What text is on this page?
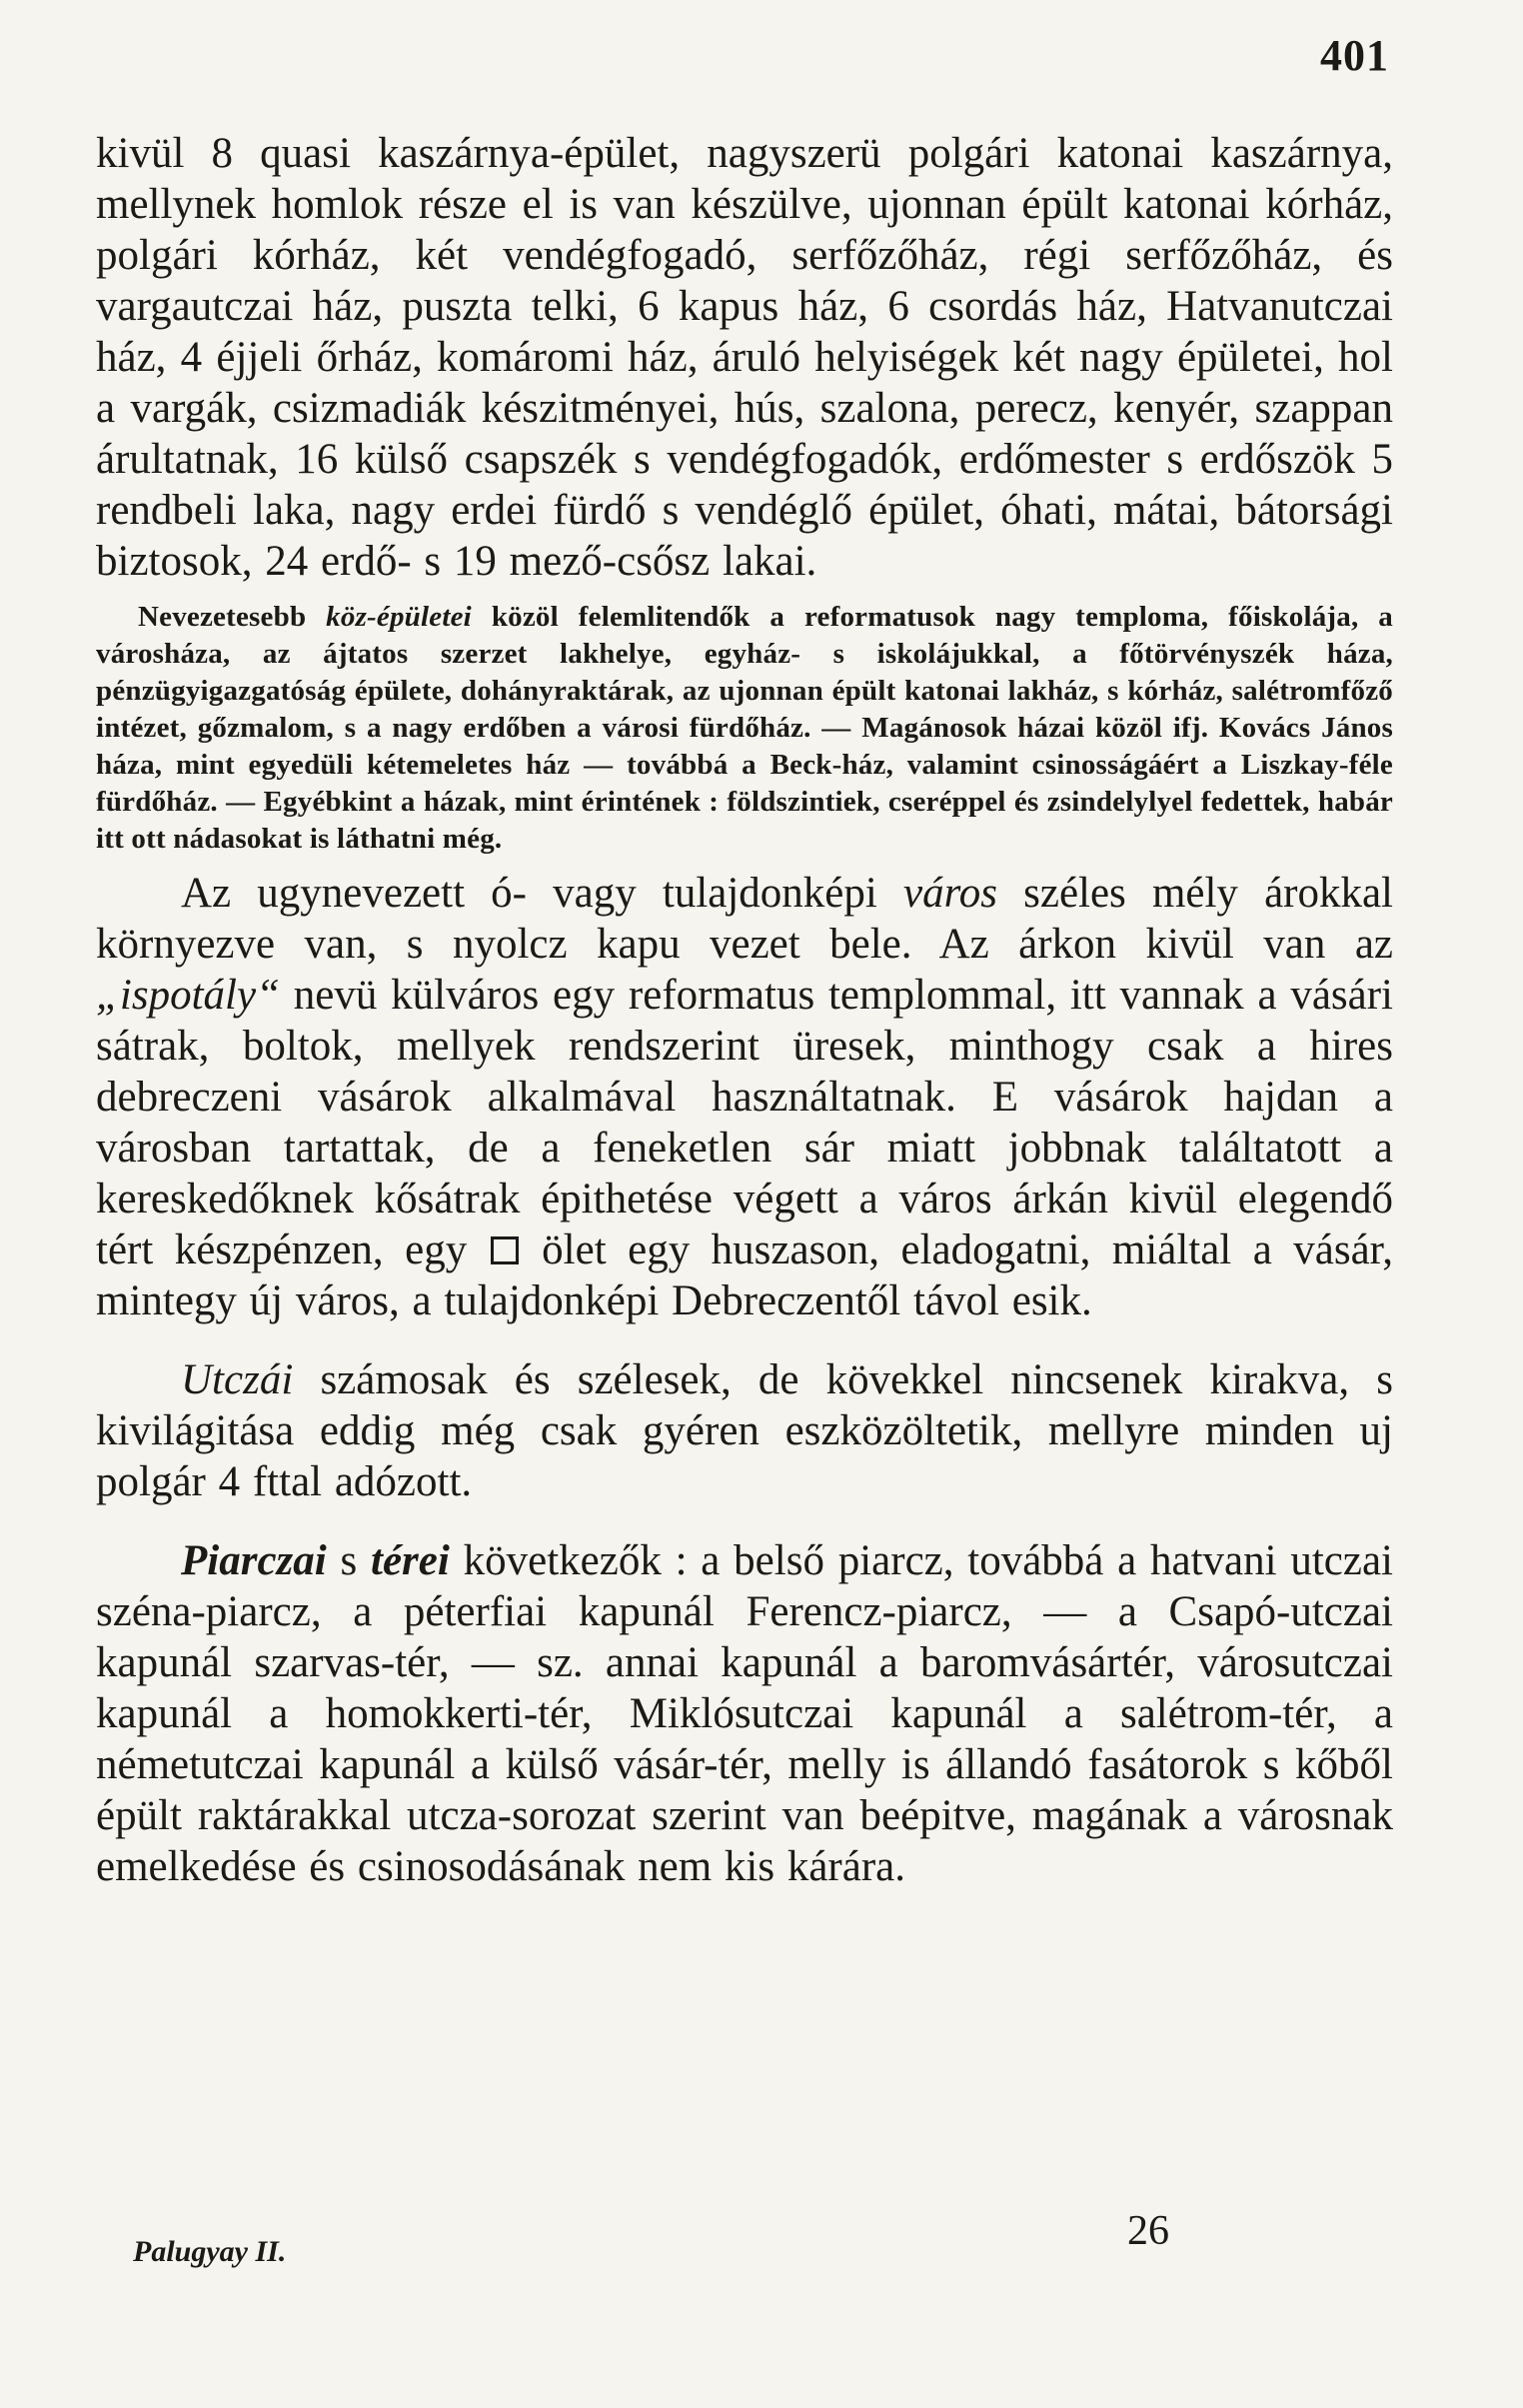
401

kivül 8 quasi kaszárnya-épület, nagyszerü polgári katonai kaszárnya, mellynek homlok része el is van készülve, ujonnan épült katonai kórház, polgári kórház, két vendégfogadó, serfőzőház, régi serfőzőház, és vargautczai ház, puszta telki, 6 kapus ház, 6 csordás ház, Hatvanutczai ház, 4 éjjeli őrház, komáromi ház, áruló helyiségek két nagy épületei, hol a vargák, csizmadiák készitményei, hús, szalona, perecz, kenyér, szappan árultatnak, 16 külső csapszék s vendégfogadók, erdőmester s erdőszök 5 rendbeli laka, nagy erdei fürdő s vendéglő épület, óhati, mátai, bátorsági biztosok, 24 erdő- s 19 mező-csősz lakai.

Nevezetesebb köz-épületei közöl felemlitendők a reformatusok nagy temploma, főiskolája, a városháza, az ájtatos szerzet lakhelye, egyház- s iskolájukkal, a főtörvényszék háza, pénzügyigazgatóság épülete, dohányraktárak, az ujonnan épült katonai lakház, s kórház, salétromfőző intézet, gőzmalom, s a nagy erdőben a városi fürdőház. — Magánosok házai közöl ifj. Kovács János háza, mint egyedüli kétemeletes ház — továbbá a Beck-ház, valamint csinosságáért a Liszkay-féle fürdőház. — Egyébkint a házak, mint érintének : földszintiek, cseréppel és zsindelylyel fedettek, habár itt ott nádasokat is láthatni még.

Az ugynevezett ó- vagy tulajdonképi város széles mély árokkal környezve van, s nyolcz kapu vezet bele. Az árkon kivül van az „ispotály“ nevü külváros egy reformatus templommal, itt vannak a vásári sátrak, boltok, mellyek rendszerint üresek, minthogy csak a hires debreczeni vásárok alkalmával használtatnak. E vásárok hajdan a városban tartattak, de a feneketlen sár miatt jobbnak találtatott a kereskedőknek kősátrak épithetése végett a város árkán kivül elegendő tért készpénzen, egy ölet egy huszason, eladogatni, miáltal a vásár, mintegy új város, a tulajdonképi Debreczentől távol esik.

Utczái számosak és szélesek, de kövekkel nincsenek kirakva, s kivilágitása eddig még csak gyéren eszközöltetik, mellyre minden uj polgár 4 fttal adózott.

Piarczai s térei következők : a belső piarcz, továbbá a hatvani utczai széna-piarcz, a péterfiai kapunál Ferencz-piarcz, — a Csapó-utczai kapunál szarvas-tér, — sz. annai kapunál a baromvásártér, városutczai kapunál a homokkerti-tér, Miklósutczai kapunál a salétrom-tér, a németutczai kapunál a külső vásár-tér, melly is állandó fasátorok s kőből épült raktárakkal utcza-sorozat szerint van beépitve, magának a városnak emelkedése és csinosodásának nem kis kárára.

Palugyay II.	26
